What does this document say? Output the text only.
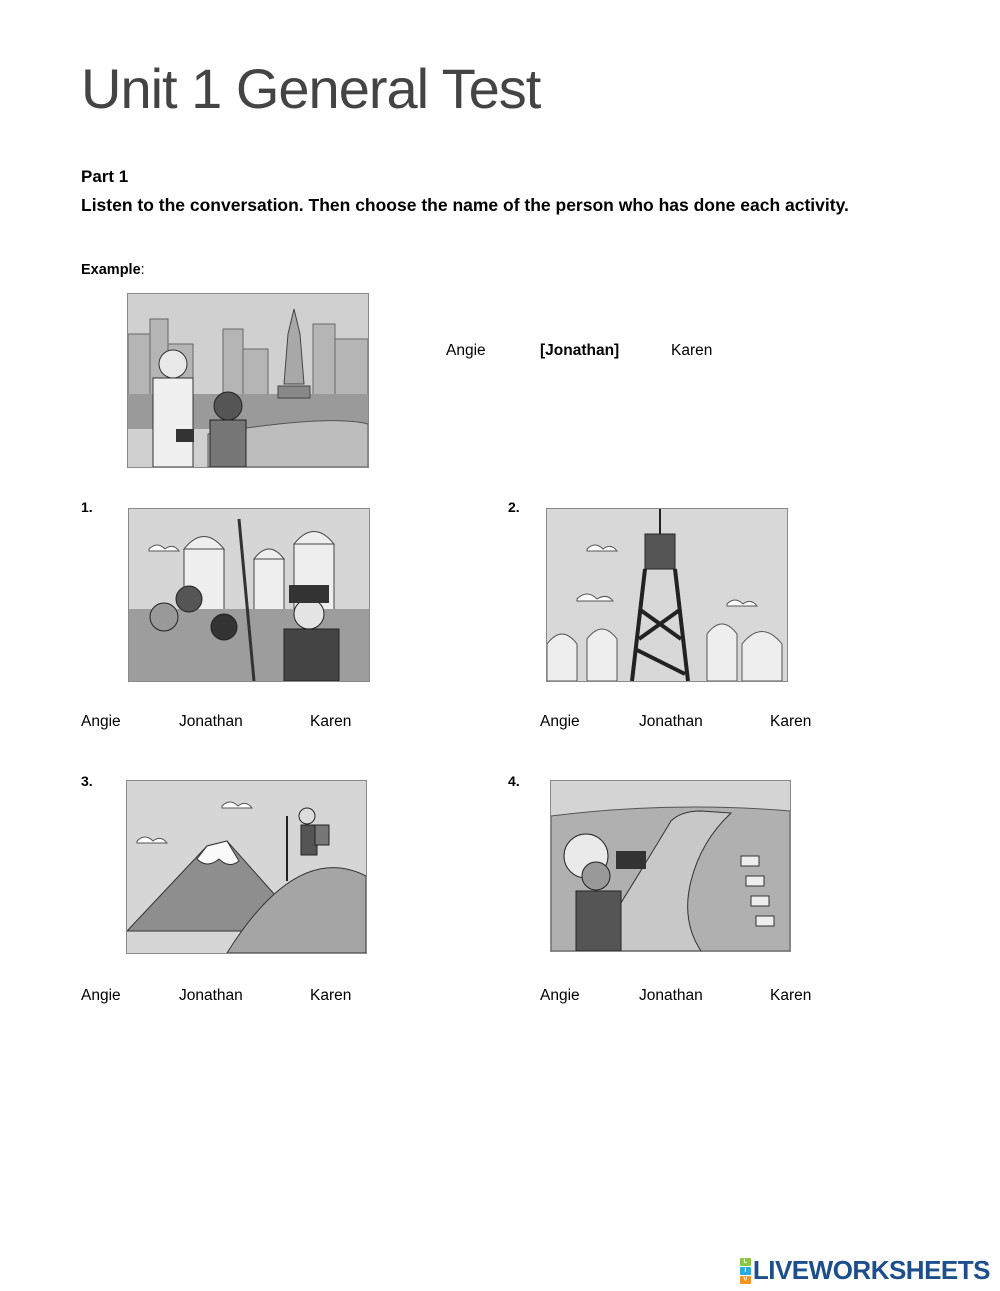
Unit 1 General Test
Part 1
Listen to the conversation. Then choose the name of the person who has done each activity.
Example:
Angie	[Jonathan]	Karen
1.
Angie	Jonathan	Karen
2.
Angie	Jonathan	Karen
3.
Angie	Jonathan	Karen
4.
Angie	Jonathan	Karen
L
I
V LIVEWORKSHEETS
